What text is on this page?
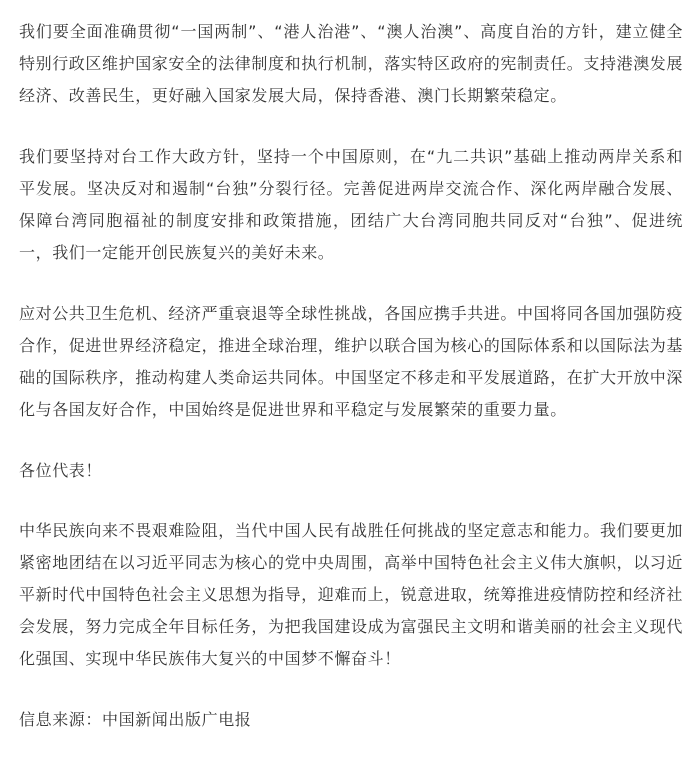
我们要全面准确贯彻“一国两制”、“港人治港”、“澳人治澳”、高度自治的方针，建立健全特别行政区维护国家安全的法律制度和执行机制，落实特区政府的宪制责任。支持港澳发展经济、改善民生，更好融入国家发展大局，保持香港、澳门长期繁荣稳定。

我们要坚持对台工作大政方针，坚持一个中国原则，在“九二共识”基础上推动两岸关系和平发展。坚决反对和遏制“台独”分裂行径。完善促进两岸交流合作、深化两岸融合发展、保障台湾同胞福祉的制度安排和政策措施，团结广大台湾同胞共同反对“台独”、促进统一，我们一定能开创民族复兴的美好未来。

应对公共卫生危机、经济严重衰退等全球性挑战，各国应携手共进。中国将同各国加强防疫合作，促进世界经济稳定，推进全球治理，维护以联合国为核心的国际体系和以国际法为基础的国际秩序，推动构建人类命运共同体。中国坚定不移走和平发展道路，在扩大开放中深化与各国友好合作，中国始终是促进世界和平稳定与发展繁荣的重要力量。

各位代表！

中华民族向来不畏艰难险阻，当代中国人民有战胜任何挑战的坚定意志和能力。我们要更加紧密地团结在以习近平同志为核心的党中央周围，高举中国特色社会主义伟大旗帜，以习近平新时代中国特色社会主义思想为指导，迎难而上，锐意进取，统筹推进疫情防控和经济社会发展，努力完成全年目标任务，为把我国建设成为富强民主文明和谐美丽的社会主义现代化强国、实现中华民族伟大复兴的中国梦不懈奋斗！

信息来源：中国新闻出版广电报
